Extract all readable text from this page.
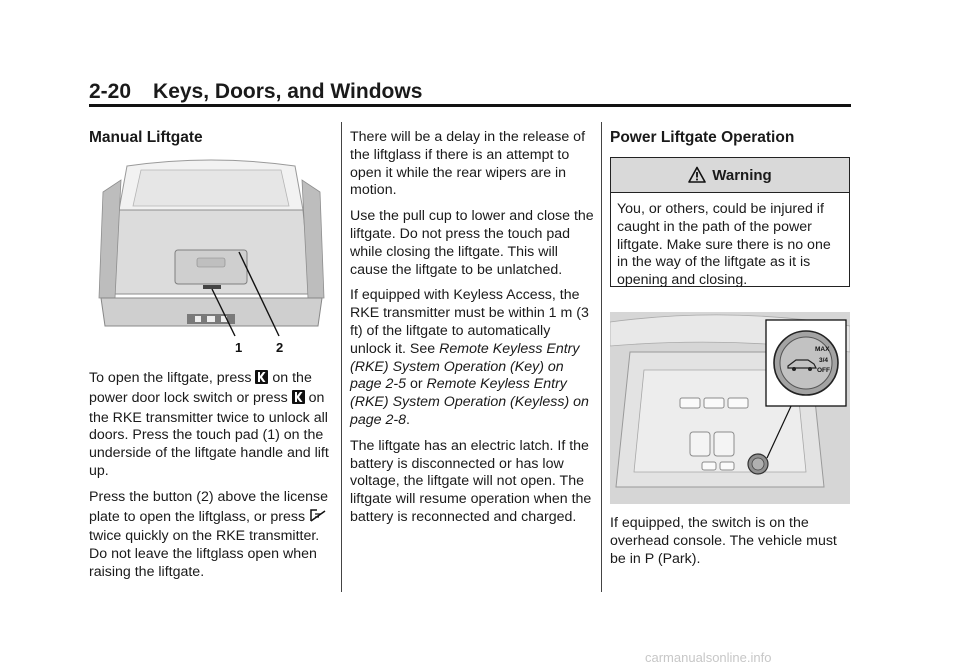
2-20 Keys, Doors, and Windows
Manual Liftgate
1	2

To open the liftgate, press on the power door lock switch or press on the RKE transmitter twice to unlock all doors. Press the touch pad (1) on the underside of the liftgate handle and lift up.

Press the button (2) above the license plate to open the liftglass, or press  twice quickly on the RKE transmitter. Do not leave the liftglass open when raising the liftgate.

There will be a delay in the release of the liftglass if there is an attempt to open it while the rear wipers are in motion.

Use the pull cup to lower and close the liftgate. Do not press the touch pad while closing the liftgate. This will cause the liftgate to be unlatched.

If equipped with Keyless Access, the RKE transmitter must be within 1 m (3 ft) of the liftgate to automatically unlock it. See Remote Keyless Entry (RKE) System Operation (Key) on page 2-5 or Remote Keyless Entry (RKE) System Operation (Keyless) on page 2-8.

The liftgate has an electric latch. If the battery is disconnected or has low voltage, the liftgate will not open. The liftgate will resume operation when the battery is reconnected and charged.

Power Liftgate Operation
Warning
You, or others, could be injured if caught in the path of the power liftgate. Make sure there is no one in the way of the liftgate as it is opening and closing.
MAX
3/4
OFF

If equipped, the switch is on the overhead console. The vehicle must be in P (Park).

carmanualsonline.info
